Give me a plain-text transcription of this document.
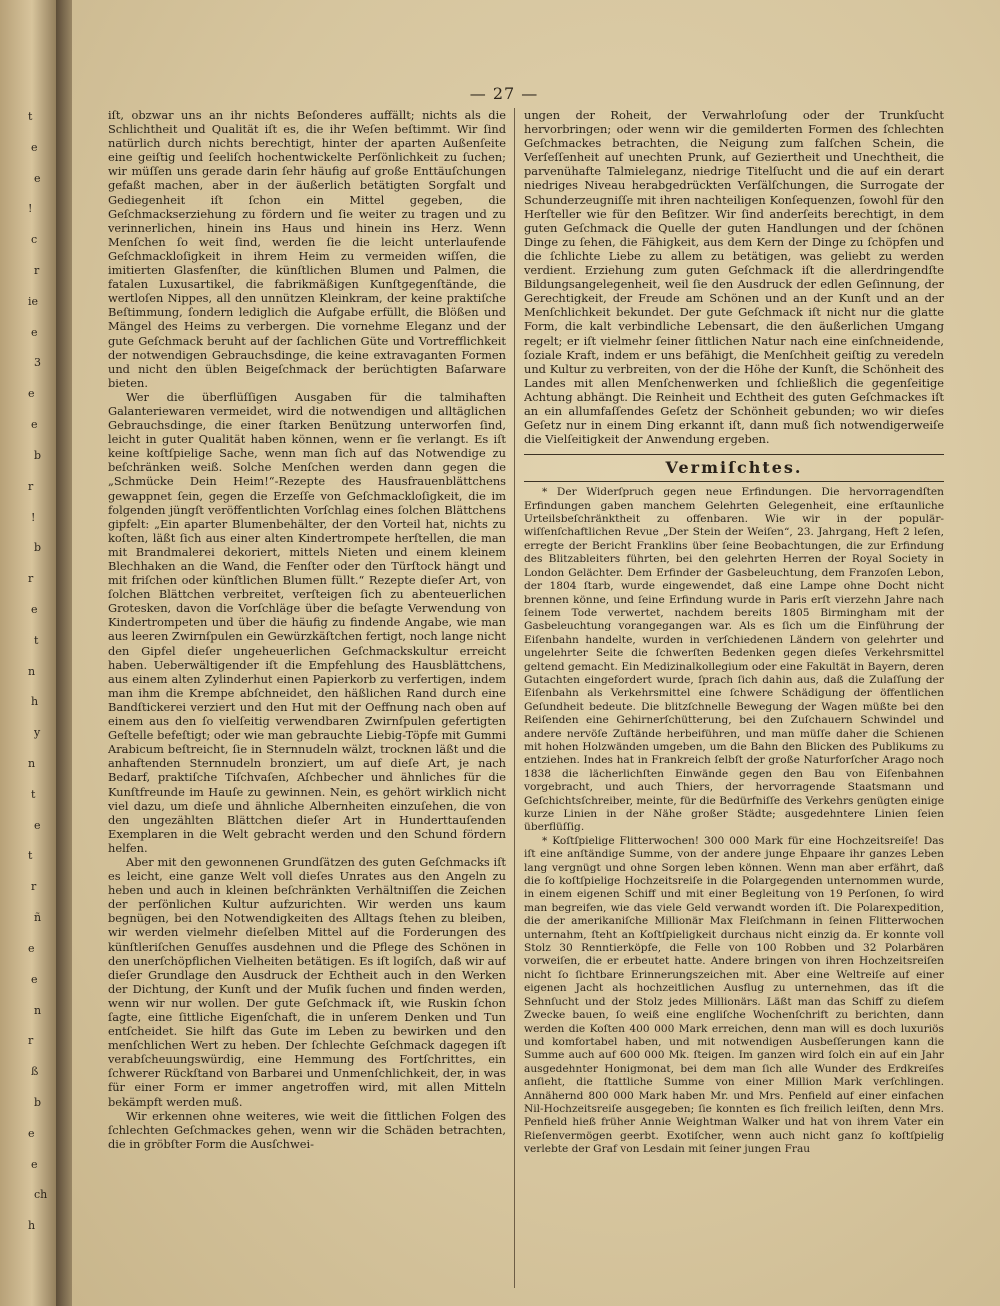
t
e
e
!
c
r
ie
e
3
e
e
b
r
!
b
r
e
t
n
h
y
n
t
e
t
r
ñ
e
e
n
r
ß
b
e
e
ch
h
— 27 —

iſt, obzwar uns an ihr nichts Beſonderes auffällt; nichts als die Schlichtheit und Qualität iſt es, die ihr Weſen beſtimmt. Wir ſind natürlich durch nichts berechtigt, hinter der aparten Außenſeite eine geiſtig und ſeeliſch hochentwickelte Perſönlichkeit zu ſuchen; wir müſſen uns gerade darin ſehr häufig auf große Enttäuſchungen gefaßt machen, aber in der äußerlich betätigten Sorgfalt und Gediegenheit iſt ſchon ein Mittel gegeben, die Geſchmackserziehung zu fördern und ſie weiter zu tragen und zu verinnerlichen, hinein ins Haus und hinein ins Herz. Wenn Menſchen ſo weit ſind, werden ſie die leicht unterlaufende Geſchmackloſigkeit in ihrem Heim zu vermeiden wiſſen, die imitierten Glasfenſter, die künſtlichen Blumen und Palmen, die fatalen Luxusartikel, die fabrikmäßigen Kunſtgegenſtände, die wertloſen Nippes, all den unnützen Kleinkram, der keine praktiſche Beſtimmung, ſondern lediglich die Aufgabe erfüllt, die Blößen und Mängel des Heims zu verbergen. Die vornehme Eleganz und der gute Geſchmack beruht auf der ſachlichen Güte und Vortrefflichkeit der notwendigen Gebrauchsdinge, die keine extravaganten Formen und nicht den üblen Beigeſchmack der berüchtigten Baſarware bieten.

Wer die überflüſſigen Ausgaben für die talmihaften Galanteriewaren vermeidet, wird die notwendigen und alltäglichen Gebrauchsdinge, die einer ſtarken Benützung unterworfen ſind, leicht in guter Qualität haben können, wenn er ſie verlangt. Es iſt keine koſtſpielige Sache, wenn man ſich auf das Notwendige zu beſchränken weiß. Solche Menſchen werden dann gegen die „Schmücke Dein Heim!“-Rezepte des Hausfrauenblättchens gewappnet ſein, gegen die Erzeſſe von Geſchmackloſigkeit, die im folgenden jüngſt veröffentlichten Vorſchlag eines ſolchen Blättchens gipfelt: „Ein aparter Blumenbehälter, der den Vorteil hat, nichts zu koſten, läßt ſich aus einer alten Kindertrompete herſtellen, die man mit Brandmalerei dekoriert, mittels Nieten und einem kleinem Blechhaken an die Wand, die Fenſter oder den Türſtock hängt und mit friſchen oder künſtlichen Blumen füllt.“ Rezepte dieſer Art, von ſolchen Blättchen verbreitet, verſteigen ſich zu abenteuerlichen Grotesken, davon die Vorſchläge über die beſagte Verwendung von Kindertrompeten und über die häufig zu findende Angabe, wie man aus leeren Zwirnſpulen ein Gewürzkäſtchen fertigt, noch lange nicht den Gipfel dieſer ungeheuerlichen Geſchmackskultur erreicht haben. Ueberwältigender iſt die Empfehlung des Hausblättchens, aus einem alten Zylinderhut einen Papierkorb zu verfertigen, indem man ihm die Krempe abſchneidet, den häßlichen Rand durch eine Bandſtickerei verziert und den Hut mit der Oeffnung nach oben auf einem aus den ſo vielſeitig verwendbaren Zwirnſpulen gefertigten Geſtelle befeſtigt; oder wie man gebrauchte Liebig-Töpfe mit Gummi Arabicum beſtreicht, ſie in Sternnudeln wälzt, trocknen läßt und die anhaftenden Sternnudeln bronziert, um auf dieſe Art, je nach Bedarf, praktiſche Tiſchvaſen, Aſchbecher und ähnliches für die Kunſtfreunde im Hauſe zu gewinnen. Nein, es gehört wirklich nicht viel dazu, um dieſe und ähnliche Albernheiten einzuſehen, die von den ungezählten Blättchen dieſer Art in Hunderttauſenden Exemplaren in die Welt gebracht werden und den Schund fördern helfen.

Aber mit den gewonnenen Grundſätzen des guten Geſchmacks iſt es leicht, eine ganze Welt voll dieſes Unrates aus den Angeln zu heben und auch in kleinen beſchränkten Verhältniſſen die Zeichen der perſönlichen Kultur aufzurichten. Wir werden uns kaum begnügen, bei den Notwendigkeiten des Alltags ſtehen zu bleiben, wir werden vielmehr dieſelben Mittel auf die Forderungen des künſtleriſchen Genuſſes ausdehnen und die Pflege des Schönen in den unerſchöpflichen Vielheiten betätigen. Es iſt logiſch, daß wir auf dieſer Grundlage den Ausdruck der Echtheit auch in den Werken der Dichtung, der Kunſt und der Muſik ſuchen und finden werden, wenn wir nur wollen. Der gute Geſchmack iſt, wie Ruskin ſchon ſagte, eine ſittliche Eigenſchaft, die in unſerem Denken und Tun entſcheidet. Sie hilft das Gute im Leben zu bewirken und den menſchlichen Wert zu heben. Der ſchlechte Geſchmack dagegen iſt verabſcheuungswürdig, eine Hemmung des Fortſchrittes, ein ſchwerer Rückſtand von Barbarei und Unmenſchlichkeit, der, in was für einer Form er immer angetroffen wird, mit allen Mitteln bekämpft werden muß.

Wir erkennen ohne weiteres, wie weit die ſittlichen Folgen des ſchlechten Geſchmackes gehen, wenn wir die Schäden betrachten, die in gröbſter Form die Ausſchwei-

ungen der Roheit, der Verwahrloſung oder der Trunkſucht hervorbringen; oder wenn wir die gemilderten Formen des ſchlechten Geſchmackes betrachten, die Neigung zum falſchen Schein, die Verſeſſenheit auf unechten Prunk, auf Geziertheit und Unechtheit, die parvenühafte Talmieleganz, niedrige Titelſucht und die auf ein derart niedriges Niveau herabgedrückten Verſälſchungen, die Surrogate der Schunderzeugniſſe mit ihren nachteiligen Konſequenzen, ſowohl für den Herſteller wie für den Beſitzer. Wir ſind anderſeits berechtigt, in dem guten Geſchmack die Quelle der guten Handlungen und der ſchönen Dinge zu ſehen, die Fähigkeit, aus dem Kern der Dinge zu ſchöpfen und die ſchlichte Liebe zu allem zu betätigen, was geliebt zu werden verdient. Erziehung zum guten Geſchmack iſt die allerdringendſte Bildungsangelegenheit, weil ſie den Ausdruck der edlen Geſinnung, der Gerechtigkeit, der Freude am Schönen und an der Kunſt und an der Menſchlichkeit bekundet. Der gute Geſchmack iſt nicht nur die glatte Form, die kalt verbindliche Lebensart, die den äußerlichen Umgang regelt; er iſt vielmehr ſeiner ſittlichen Natur nach eine einſchneidende, ſoziale Kraft, indem er uns befähigt, die Menſchheit geiſtig zu veredeln und Kultur zu verbreiten, von der die Höhe der Kunſt, die Schönheit des Landes mit allen Menſchenwerken und ſchließlich die gegenſeitige Achtung abhängt. Die Reinheit und Echtheit des guten Geſchmackes iſt an ein allumfaſſendes Geſetz der Schönheit gebunden; wo wir dieſes Geſetz nur in einem Ding erkannt iſt, dann muß ſich notwendigerweiſe die Vielſeitigkeit der Anwendung ergeben.

Vermiſchtes.

* Der Widerſpruch gegen neue Erfindungen. Die hervorragendſten Erfindungen gaben manchem Gelehrten Gelegenheit, eine erſtaunliche Urteilsbeſchränktheit zu offenbaren. Wie wir in der populär-wiſſenſchaftlichen Revue „Der Stein der Weiſen“, 23. Jahrgang, Heft 2 leſen, erregte der Bericht Franklins über ſeine Beobachtungen, die zur Erfindung des Blitzableiters führten, bei den gelehrten Herren der Royal Society in London Gelächter. Dem Erfinder der Gasbeleuchtung, dem Franzoſen Lebon, der 1804 ſtarb, wurde eingewendet, daß eine Lampe ohne Docht nicht brennen könne, und ſeine Erfindung wurde in Paris erſt vierzehn Jahre nach ſeinem Tode verwertet, nachdem bereits 1805 Birmingham mit der Gasbeleuchtung vorangegangen war. Als es ſich um die Einführung der Eiſenbahn handelte, wurden in verſchiedenen Ländern von gelehrter und ungelehrter Seite die ſchwerſten Bedenken gegen dieſes Verkehrsmittel geltend gemacht. Ein Medizinalkollegium oder eine Fakultät in Bayern, deren Gutachten eingefordert wurde, ſprach ſich dahin aus, daß die Zulaſſung der Eiſenbahn als Verkehrsmittel eine ſchwere Schädigung der öffentlichen Geſundheit bedeute. Die blitzſchnelle Bewegung der Wagen müßte bei den Reiſenden eine Gehirnerſchütterung, bei den Zuſchauern Schwindel und andere nervöſe Zuſtände herbeiführen, und man müſſe daher die Schienen mit hohen Holzwänden umgeben, um die Bahn den Blicken des Publikums zu entziehen. Indes hat in Frankreich ſelbſt der große Naturforſcher Arago noch 1838 die lächerlichſten Einwände gegen den Bau von Eiſenbahnen vorgebracht, und auch Thiers, der hervorragende Staatsmann und Geſchichtsſchreiber, meinte, für die Bedürfniſſe des Verkehrs genügten einige kurze Linien in der Nähe großer Städte; ausgedehntere Linien ſeien überflüſſig.

* Koſtſpielige Flitterwochen! 300 000 Mark für eine Hochzeitsreiſe! Das iſt eine anſtändige Summe, von der andere junge Ehpaare ihr ganzes Leben lang vergnügt und ohne Sorgen leben können. Wenn man aber erfährt, daß die ſo koſtſpielige Hochzeitsreiſe in die Polargegenden unternommen wurde, in einem eigenen Schiff und mit einer Begleitung von 19 Perſonen, ſo wird man begreifen, wie das viele Geld verwandt worden iſt. Die Polarexpedition, die der amerikaniſche Millionär Max Fleiſchmann in ſeinen Flitterwochen unternahm, ſteht an Koſtſpieligkeit durchaus nicht einzig da. Er konnte voll Stolz 30 Renntierköpfe, die Felle von 100 Robben und 32 Polarbären vorweiſen, die er erbeutet hatte. Andere bringen von ihren Hochzeitsreiſen nicht ſo ſichtbare Erinnerungszeichen mit. Aber eine Weltreiſe auf einer eigenen Jacht als hochzeitlichen Ausflug zu unternehmen, das iſt die Sehnſucht und der Stolz jedes Millionärs. Läßt man das Schiff zu dieſem Zwecke bauen, ſo weiß eine engliſche Wochenſchrift zu berichten, dann werden die Koſten 400 000 Mark erreichen, denn man will es doch luxuriös und komfortabel haben, und mit notwendigen Ausbeſſerungen kann die Summe auch auf 600 000 Mk. ſteigen. Im ganzen wird ſolch ein auf ein Jahr ausgedehnter Honigmonat, bei dem man ſich alle Wunder des Erdkreiſes anſieht, die ſtattliche Summe von einer Million Mark verſchlingen. Annähernd 800 000 Mark haben Mr. und Mrs. Penfield auf einer einfachen Nil-Hochzeitsreiſe ausgegeben; ſie konnten es ſich freilich leiſten, denn Mrs. Penfield hieß früher Annie Weightman Walker und hat von ihrem Vater ein Rieſenvermögen geerbt. Exotiſcher, wenn auch nicht ganz ſo koſtſpielig verlebte der Graf von Lesdain mit ſeiner jungen Frau
